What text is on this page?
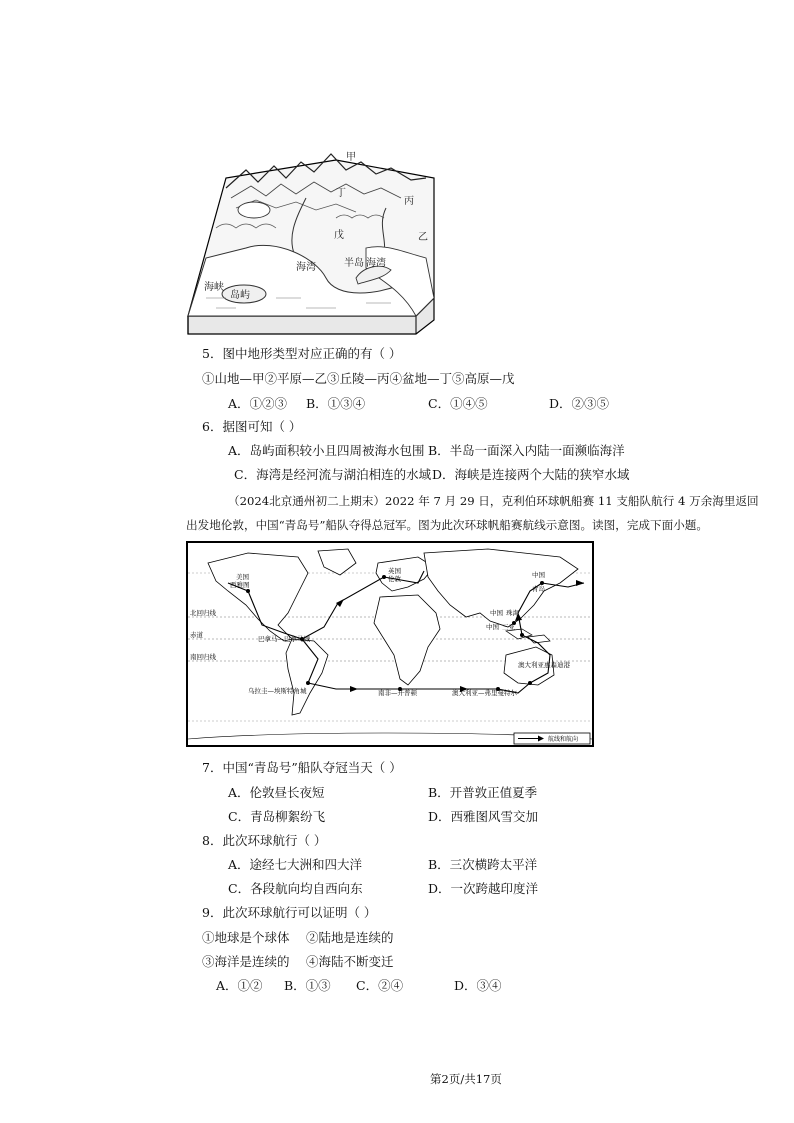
甲
乙
丙
丁
戊
海湾	海湾
半岛
海峡
岛屿
5．图中地形类型对应正确的有（ ）
①山地—甲②平原—乙③丘陵—丙④盆地—丁⑤高原—戊
A．①②③ B．①③④	C．①④⑤	D．②③⑤
6．据图可知（ ）
A．岛屿面积较小且四周被海水包围 B．半岛一面深入内陆一面濒临海洋
C．海湾是经河流与湖泊相连的水域 D．海峡是连接两个大陆的狭窄水域
（2024北京通州初二上期末）2022 年 7 月 29 日，克利伯环球帆船赛 11 支船队航行 4 万余海里返回
出发地伦敦，中国“青岛号”船队夺得总冠军。图为此次环球帆船赛航线示意图。读图，完成下面小题。
美国
西雅图
英国
伦敦	中国
青岛
中国 珠海
中国 三亚
巴拿马—巴拿马城
乌拉圭—埃斯特角城	南非—开普顿	澳大利亚—弗里曼特尔
澳大利亚 惠森迪港
北回归线
赤道
南回归线
航线和航向
7．中国“青岛号”船队夺冠当天（ ）
A．伦敦昼长夜短	B．开普敦正值夏季
C．青岛柳絮纷飞	D．西雅图风雪交加
8．此次环球航行（ ）
A．途经七大洲和四大洋	B．三次横跨太平洋
C．各段航向均自西向东	D．一次跨越印度洋
9．此次环球航行可以证明（ ）
①地球是个球体 ②陆地是连续的
③海洋是连续的 ④海陆不断变迁
A．①② B．①③ C．②④	D．③④
第2页/共17页
